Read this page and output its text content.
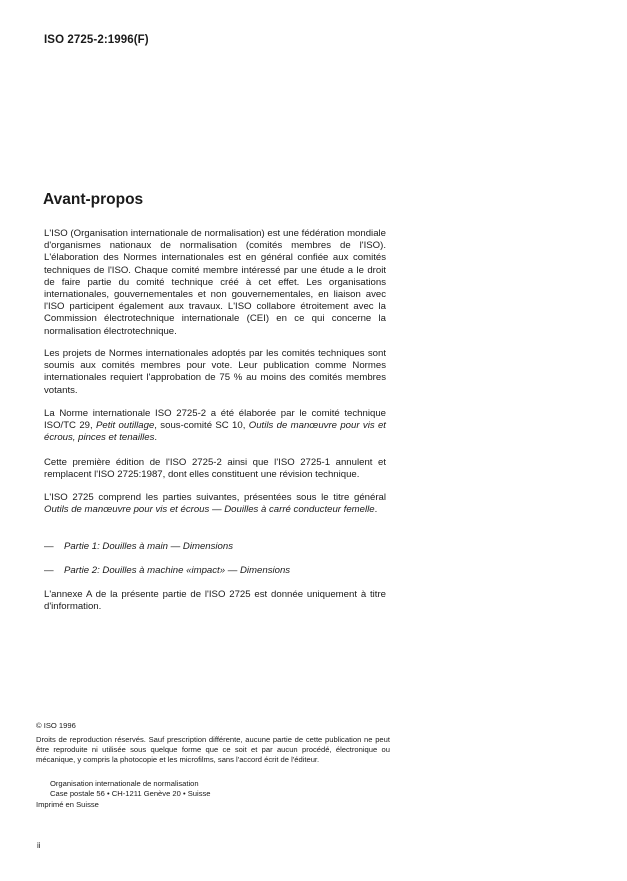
ISO 2725-2:1996(F)
Avant-propos
L'ISO (Organisation internationale de normalisation) est une fédération mondiale d'organismes nationaux de normalisation (comités membres de l'ISO). L'élaboration des Normes internationales est en général confiée aux comités techniques de l'ISO. Chaque comité membre intéressé par une étude a le droit de faire partie du comité technique créé à cet effet. Les organisations internationales, gouvernementales et non gouvernementales, en liaison avec l'ISO participent également aux travaux. L'ISO collabore étroitement avec la Commission électrotechnique internationale (CEI) en ce qui concerne la normalisation électrotechnique.
Les projets de Normes internationales adoptés par les comités techniques sont soumis aux comités membres pour vote. Leur publication comme Normes internationales requiert l'approbation de 75 % au moins des comités membres votants.
La Norme internationale ISO 2725-2 a été élaborée par le comité technique ISO/TC 29, Petit outillage, sous-comité SC 10, Outils de manœuvre pour vis et écrous, pinces et tenailles.
Cette première édition de l'ISO 2725-2 ainsi que l'ISO 2725-1 annulent et remplacent l'ISO 2725:1987, dont elles constituent une révision technique.
L'ISO 2725 comprend les parties suivantes, présentées sous le titre général Outils de manœuvre pour vis et écrous — Douilles à carré conducteur femelle.
— Partie 1: Douilles à main — Dimensions
— Partie 2: Douilles à machine «impact» — Dimensions
L'annexe A de la présente partie de l'ISO 2725 est donnée uniquement à titre d'information.
© ISO 1996
Droits de reproduction réservés. Sauf prescription différente, aucune partie de cette publication ne peut être reproduite ni utilisée sous quelque forme que ce soit et par aucun procédé, électronique ou mécanique, y compris la photocopie et les microfilms, sans l'accord écrit de l'éditeur.
Organisation internationale de normalisation
Case postale 56 • CH-1211 Genève 20 • Suisse
Imprimé en Suisse
ii
